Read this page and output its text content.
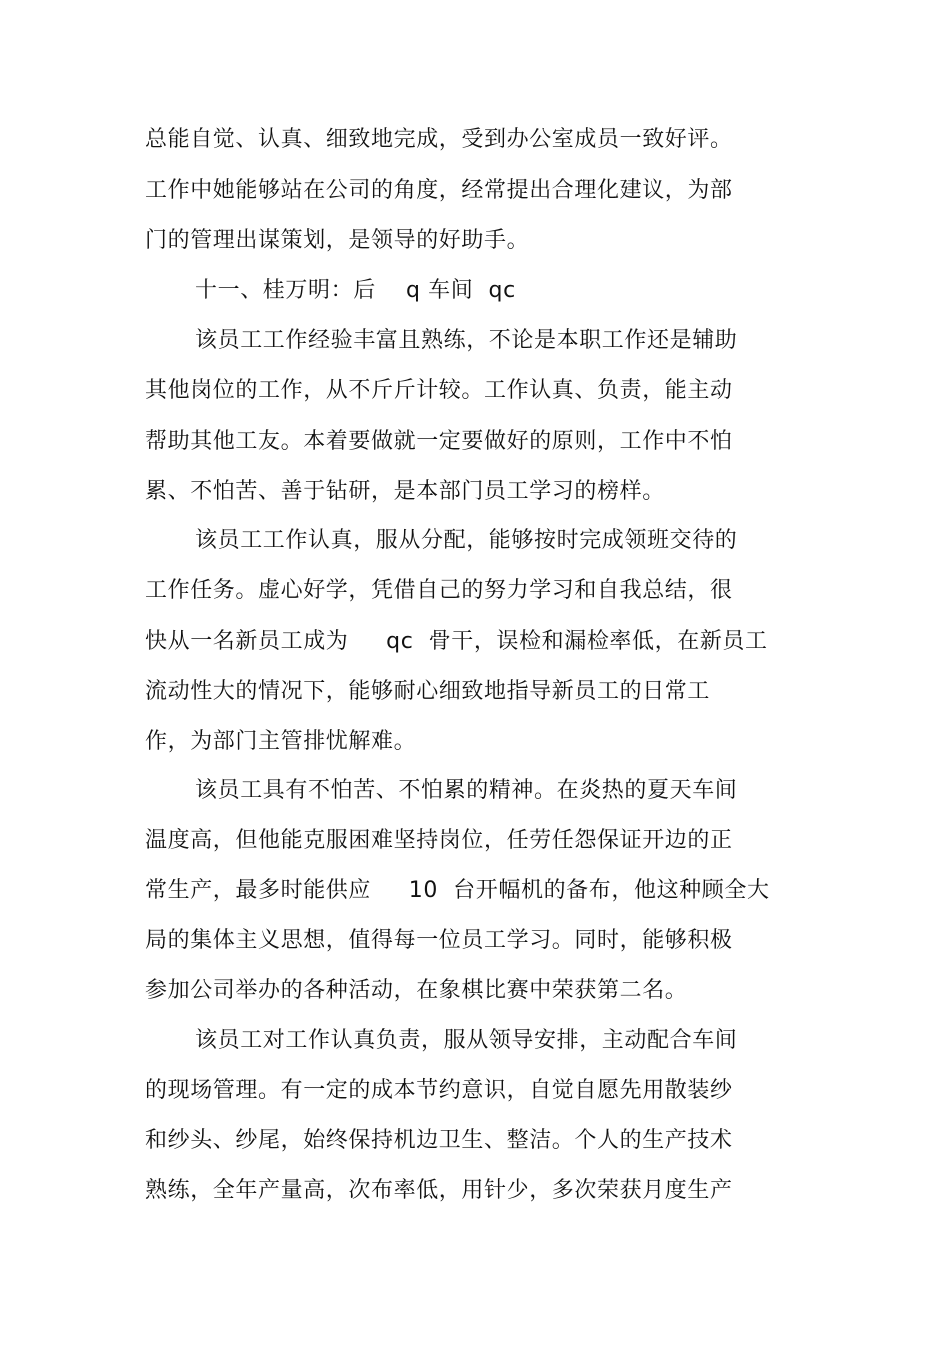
总能自觉、认真、细致地完成，受到办公室成员一致好评。
工作中她能够站在公司的角度，经常提出合理化建议，为部
门的管理出谋策划，是领导的好助手。
十一、桂万明：后　 q 车间  qc
该员工工作经验丰富且熟练，不论是本职工作还是辅助
其他岗位的工作，从不斤斤计较。工作认真、负责，能主动
帮助其他工友。本着要做就一定要做好的原则，工作中不怕
累、不怕苦、善于钻研，是本部门员工学习的榜样。
该员工工作认真，服从分配，能够按时完成领班交待的
工作任务。虚心好学，凭借自己的努力学习和自我总结，很
快从一名新员工成为　  qc  骨干，误检和漏检率低，在新员工
流动性大的情况下，能够耐心细致地指导新员工的日常工
作，为部门主管排忧解难。
该员工具有不怕苦、不怕累的精神。在炎热的夏天车间
温度高，但他能克服困难坚持岗位，任劳任怨保证开边的正
常生产，最多时能供应　  10  台开幅机的备布，他这种顾全大
局的集体主义思想，值得每一位员工学习。同时，能够积极
参加公司举办的各种活动，在象棋比赛中荣获第二名。
该员工对工作认真负责，服从领导安排，主动配合车间
的现场管理。有一定的成本节约意识，自觉自愿先用散装纱
和纱头、纱尾，始终保持机边卫生、整洁。个人的生产技术
熟练，全年产量高，次布率低，用针少，多次荣获月度生产
